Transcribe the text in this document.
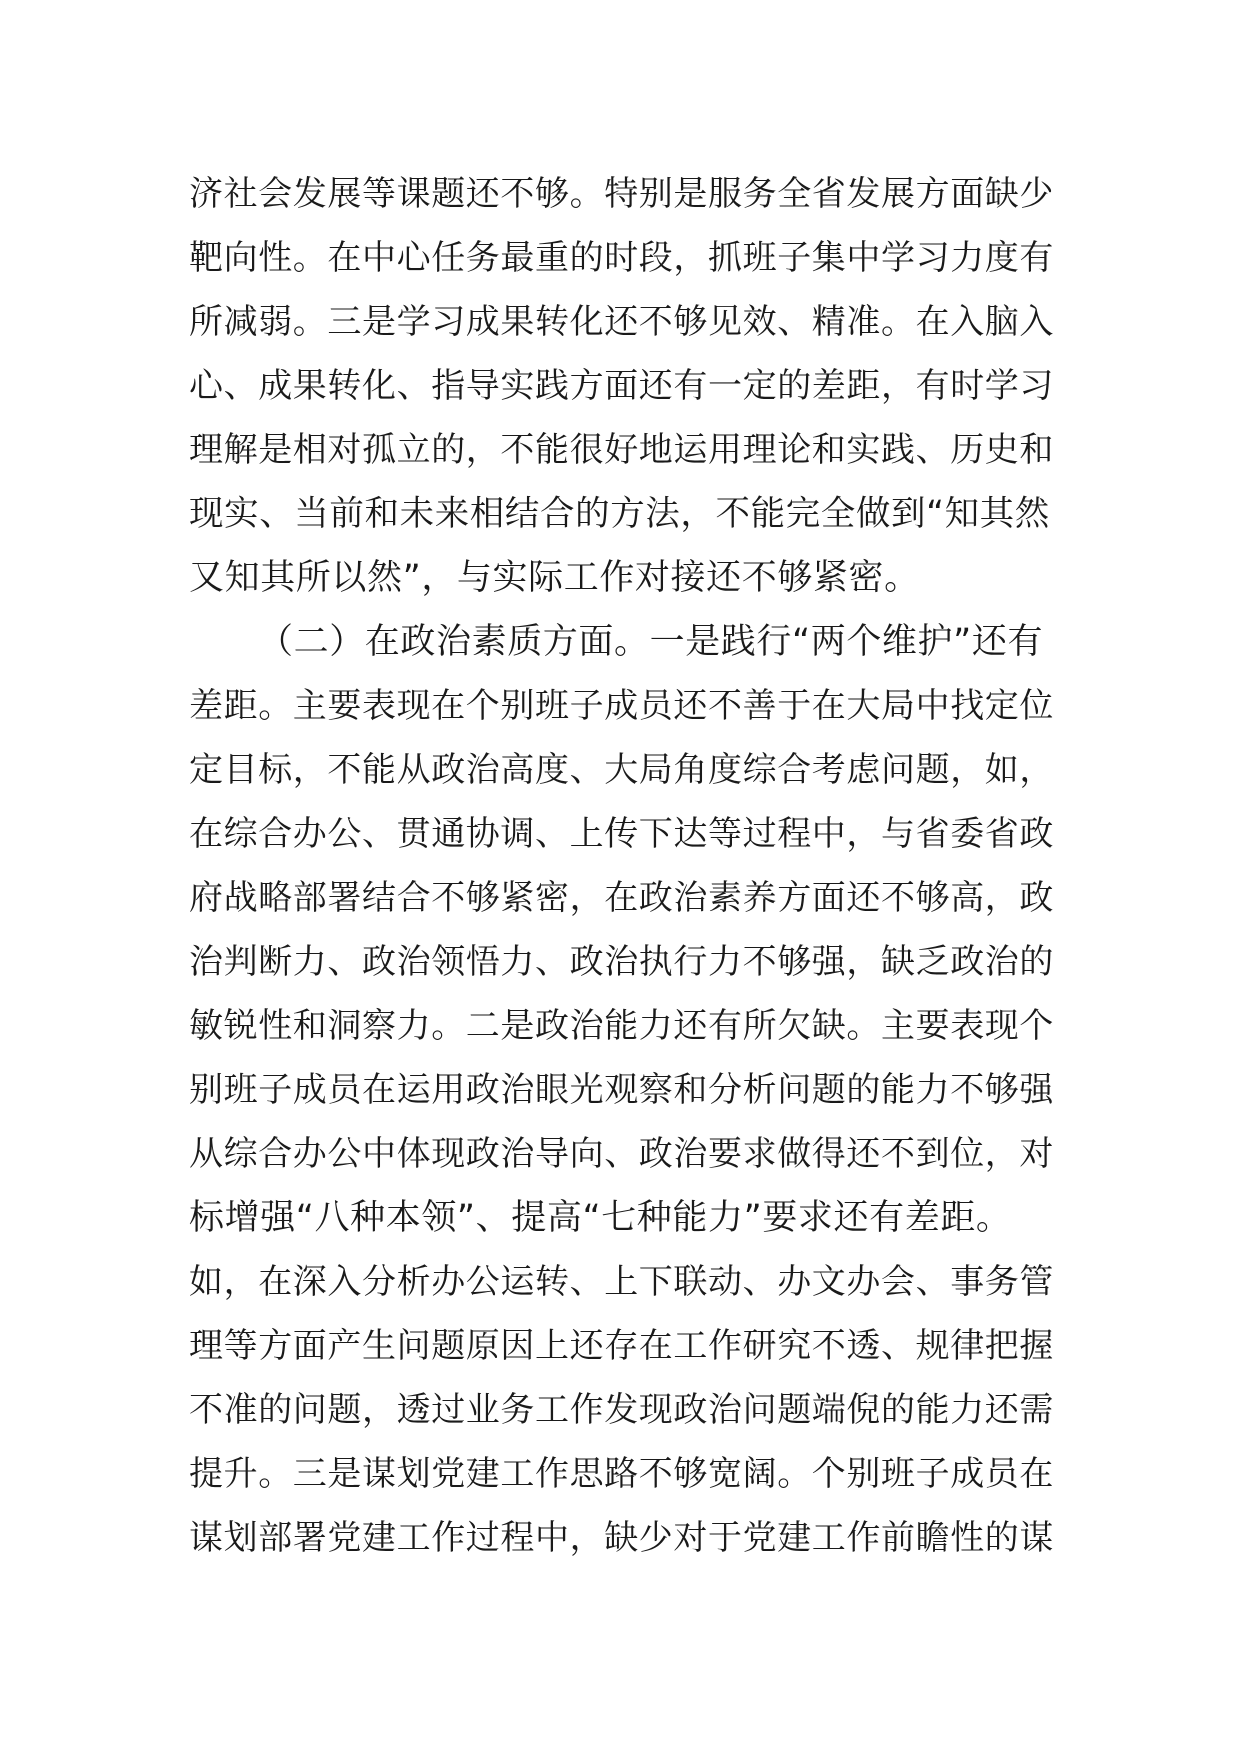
济社会发展等课题还不够。特别是服务全省发展方面缺少
靶向性。在中心任务最重的时段，抓班子集中学习力度有
所减弱。三是学习成果转化还不够见效、精准。在入脑入
心、成果转化、指导实践方面还有一定的差距，有时学习
理解是相对孤立的，不能很好地运用理论和实践、历史和
现实、当前和未来相结合的方法，不能完全做到“知其然
又知其所以然”，与实际工作对接还不够紧密。
（二）在政治素质方面。一是践行“两个维护”还有
差距。主要表现在个别班子成员还不善于在大局中找定位
定目标，不能从政治高度、大局角度综合考虑问题，如，
在综合办公、贯通协调、上传下达等过程中，与省委省政
府战略部署结合不够紧密，在政治素养方面还不够高，政
治判断力、政治领悟力、政治执行力不够强，缺乏政治的
敏锐性和洞察力。二是政治能力还有所欠缺。主要表现个
别班子成员在运用政治眼光观察和分析问题的能力不够强
从综合办公中体现政治导向、政治要求做得还不到位，对
标增强“八种本领”、提高“七种能力”要求还有差距。
如，在深入分析办公运转、上下联动、办文办会、事务管
理等方面产生问题原因上还存在工作研究不透、规律把握
不准的问题，透过业务工作发现政治问题端倪的能力还需
提升。三是谋划党建工作思路不够宽阔。个别班子成员在
谋划部署党建工作过程中，缺少对于党建工作前瞻性的谋
